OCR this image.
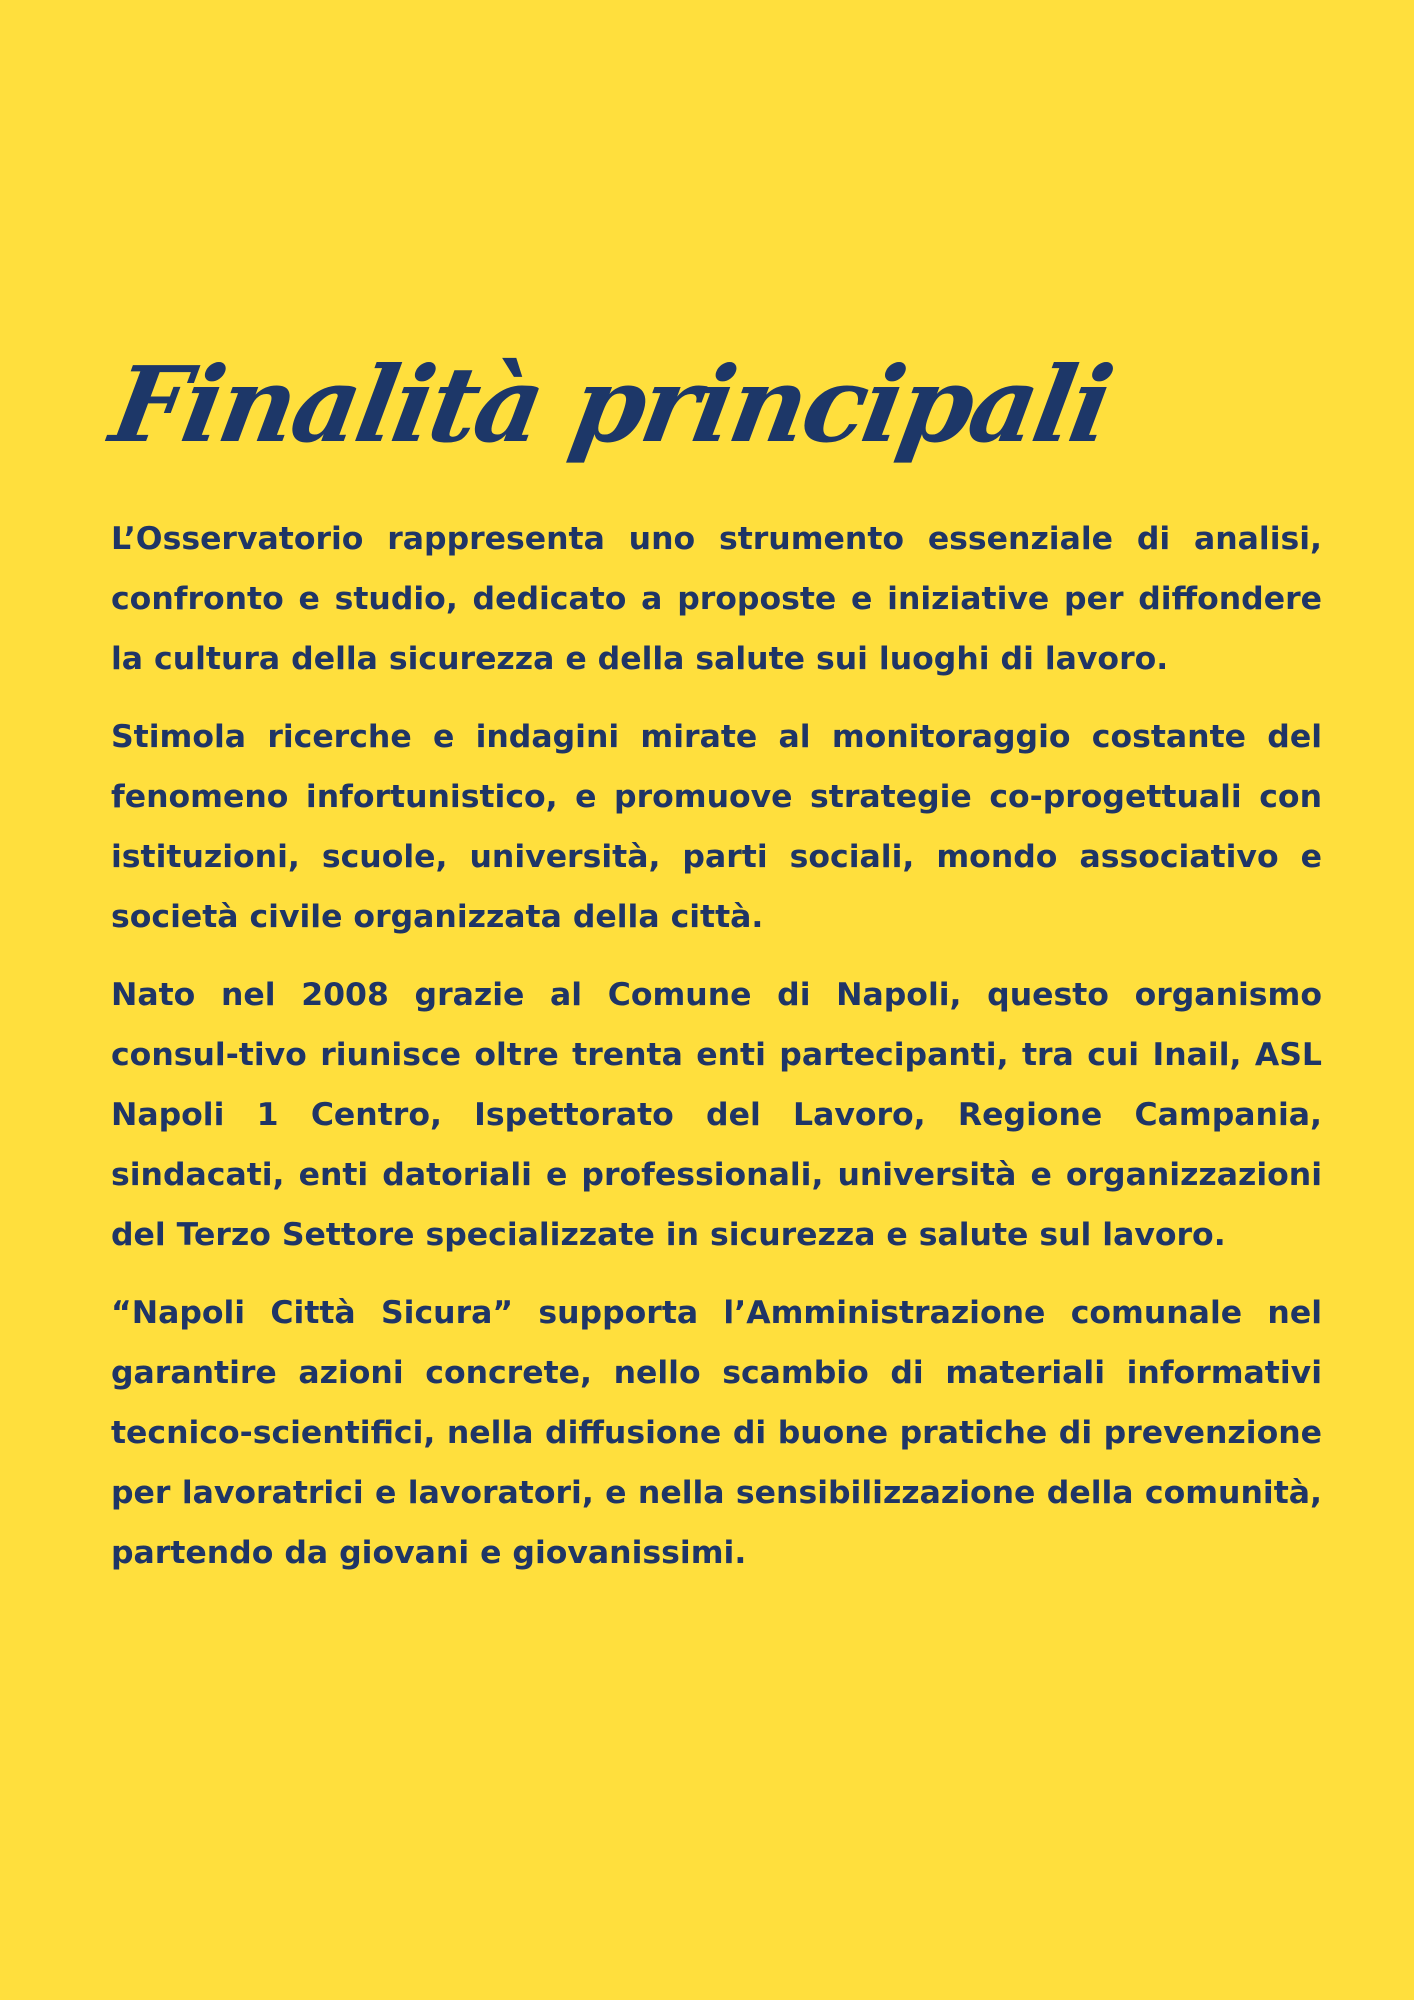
Finalità principali

L’Osservatorio rappresenta uno strumento essenziale di analisi, confronto e studio, dedicato a proposte e iniziative per diffondere la cultura della sicurezza e della salute sui luoghi di lavoro.

Stimola ricerche e indagini mirate al monitoraggio costante del fenomeno infortunistico, e promuove strategie co-progettuali con istituzioni, scuole, università, parti sociali, mondo associativo e società civile organizzata della città.

Nato nel 2008 grazie al Comune di Napoli, questo organismo consul-tivo riunisce oltre trenta enti partecipanti, tra cui Inail, ASL Napoli 1 Centro, Ispettorato del Lavoro, Regione Campania, sindacati, enti datoriali e professionali, università e organizzazioni del Terzo Settore specializzate in sicurezza e salute sul lavoro.

“Napoli Città Sicura” supporta l’Amministrazione comunale nel garantire azioni concrete, nello scambio di materiali informativi tecnico-scientifici, nella diffusione di buone pratiche di prevenzione per lavoratrici e lavoratori, e nella sensibilizzazione della comunità, partendo da giovani e giovanissimi.
